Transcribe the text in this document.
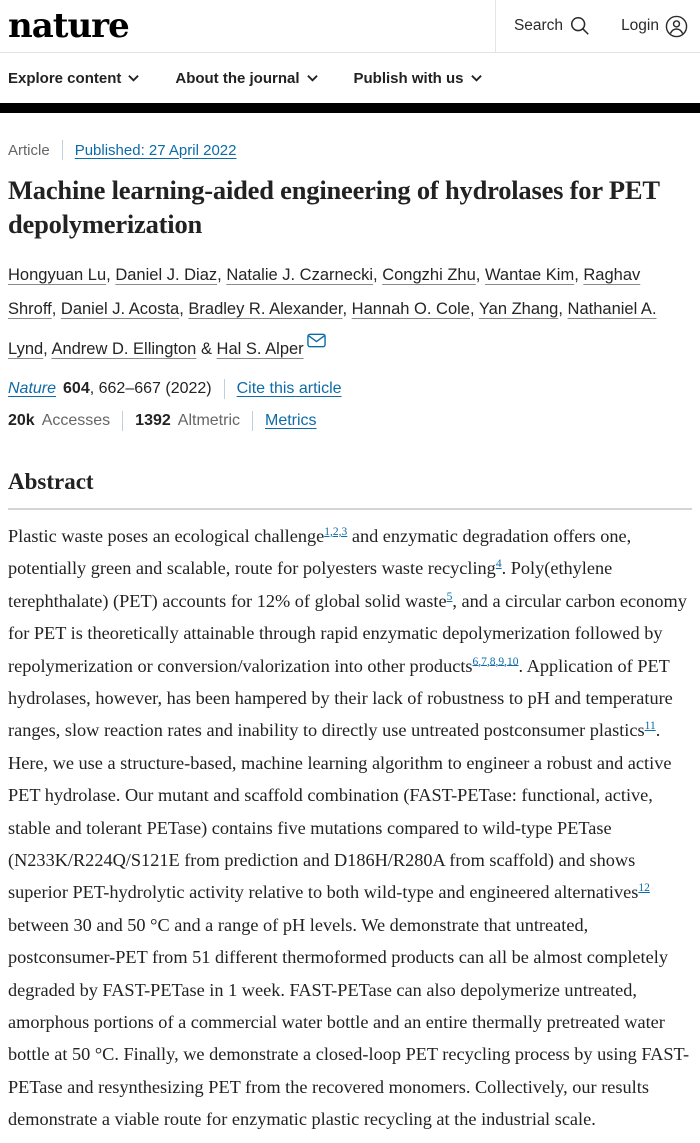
nature	Search	Login
Explore content	About the journal	Publish with us
Article Published: 27 April 2022
Machine learning-aided engineering of hydrolases for PET depolymerization
Hongyuan Lu, Daniel J. Diaz, Natalie J. Czarnecki, Congzhi Zhu, Wantae Kim, Raghav Shroff, Daniel J. Acosta, Bradley R. Alexander, Hannah O. Cole, Yan Zhang, Nathaniel A. Lynd, Andrew D. Ellington & Hal S. Alper
Nature 604 , 662–667 (2022) Cite this article
20k Accesses 1392 Altmetric Metrics
Abstract

Plastic waste poses an ecological challenge$^{1,2,3}$ and enzymatic degradation offers one, potentially green and scalable, route for polyesters waste recycling$^4$. Poly(ethylene terephthalate) (PET) accounts for 12% of global solid waste$^5$, and a circular carbon economy for PET is theoretically attainable through rapid enzymatic depolymerization followed by repolymerization or conversion/valorization into other products$^{6,7,8,9,10}$. Application of PET hydrolases, however, has been hampered by their lack of robustness to pH and temperature ranges, slow reaction rates and inability to directly use untreated postconsumer plastics$^{11}$. Here, we use a structure-based, machine learning algorithm to engineer a robust and active PET hydrolase. Our mutant and scaffold combination (FAST-PETase: functional, active, stable and tolerant PETase) contains five mutations compared to wild-type PETase (N233K/R224Q/S121E from prediction and D186H/R280A from scaffold) and shows superior PET-hydrolytic activity relative to both wild-type and engineered alternatives$^{12}$ between 30 and 50 °C and a range of pH levels. We demonstrate that untreated, postconsumer-PET from 51 different thermoformed products can all be almost completely degraded by FAST-PETase in 1 week. FAST-PETase can also depolymerize untreated, amorphous portions of a commercial water bottle and an entire thermally pretreated water bottle at 50 °C. Finally, we demonstrate a closed-loop PET recycling process by using FAST-PETase and resynthesizing PET from the recovered monomers. Collectively, our results demonstrate a viable route for enzymatic plastic recycling at the industrial scale.
